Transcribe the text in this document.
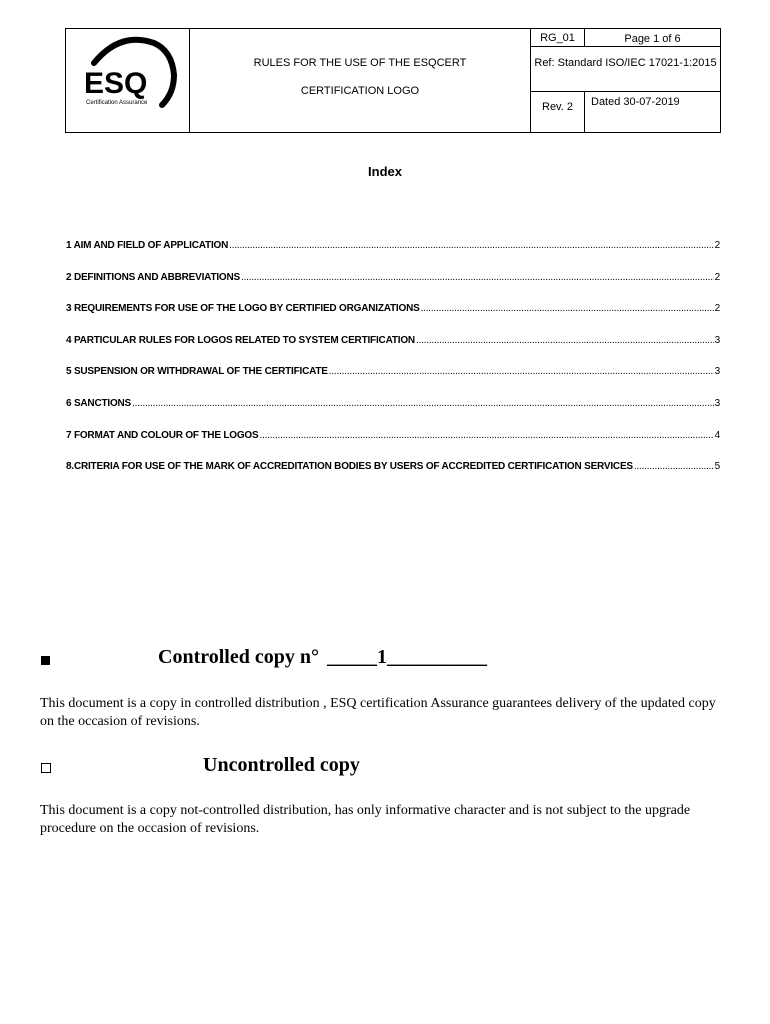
ESQ
Certification Assurance
RULES FOR THE USE OF THE ESQCERT
CERTIFICATION LOGO
RG_01	Page 1 of 6
Ref: Standard ISO/IEC 17021-1:2015
Rev. 2	Dated 30-07-2019
Index
1 AIM AND FIELD OF APPLICATION .....	2
2 DEFINITIONS AND ABBREVIATIONS .....	2
3 REQUIREMENTS FOR USE OF THE LOGO BY CERTIFIED ORGANIZATIONS .....	2
4 PARTICULAR RULES FOR LOGOS RELATED TO SYSTEM CERTIFICATION .....	3
5 SUSPENSION OR WITHDRAWAL OF THE CERTIFICATE .....	3
6 SANCTIONS .....	3
7 FORMAT AND COLOUR OF THE LOGOS .....	4
8.CRITERIA FOR USE OF THE MARK OF ACCREDITATION BODIES BY USERS OF ACCREDITED CERTIFICATION SERVICES .....	5
Controlled copy n° _____1__________
This document is a copy in controlled distribution , ESQ certification Assurance guarantees delivery of the updated copy on the occasion of revisions.
Uncontrolled copy
This document is a copy not-controlled distribution, has only informative character and is not subject to the upgrade procedure on the occasion of revisions.
